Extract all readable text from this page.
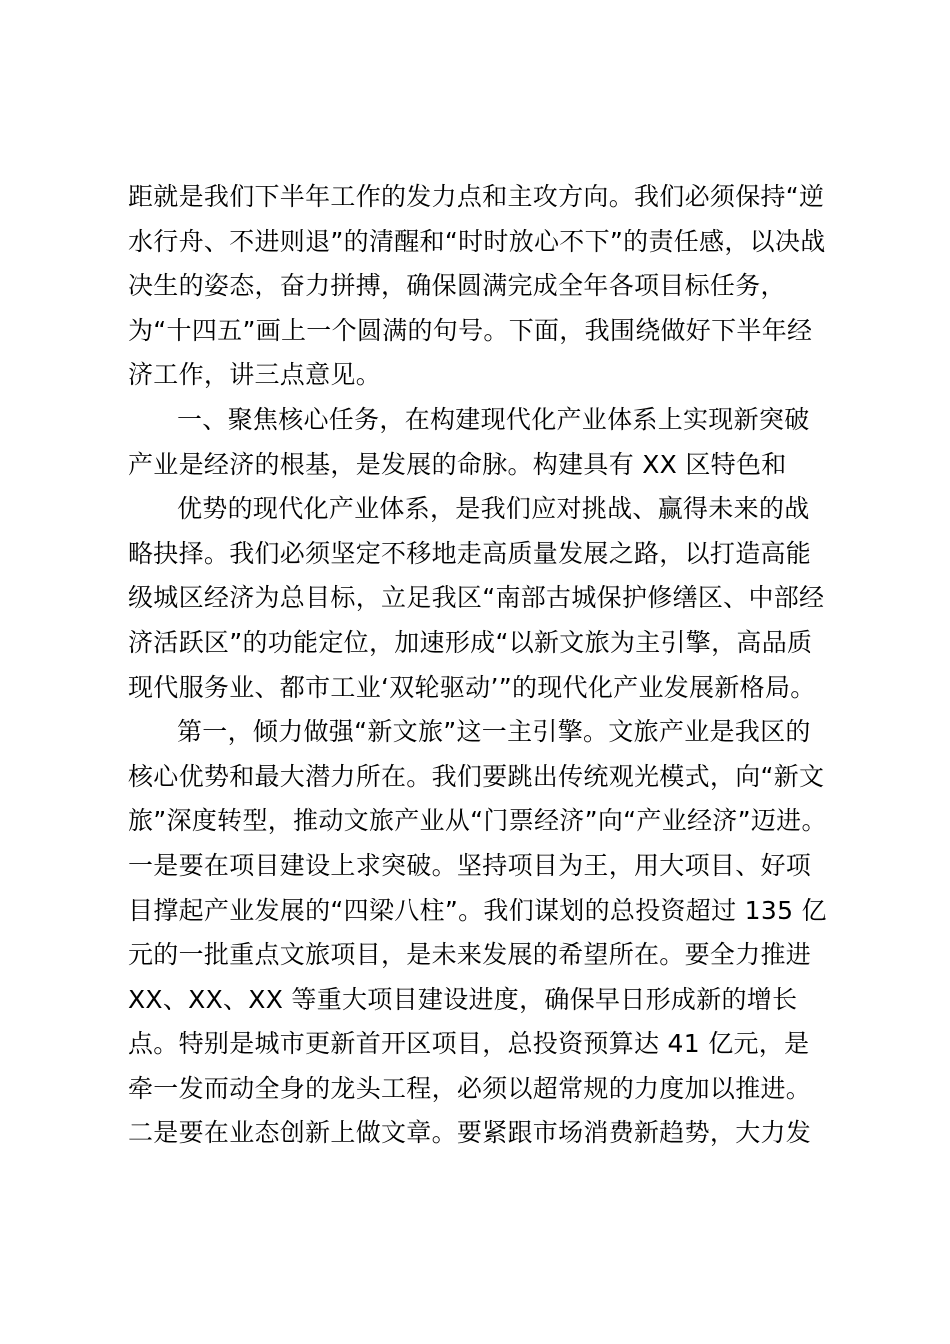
距就是我们下半年工作的发力点和主攻方向。我们必须保持“逆
水行舟、不进则退”的清醒和“时时放心不下”的责任感，以决战
决生的姿态，奋力拼搏，确保圆满完成全年各项目标任务，
为“十四五”画上一个圆满的句号。下面，我围绕做好下半年经
济工作，讲三点意见。
一、聚焦核心任务，在构建现代化产业体系上实现新突破
产业是经济的根基，是发展的命脉。构建具有 XX 区特色和
优势的现代化产业体系，是我们应对挑战、赢得未来的战
略抉择。我们必须坚定不移地走高质量发展之路，以打造高能
级城区经济为总目标，立足我区“南部古城保护修缮区、中部经
济活跃区”的功能定位，加速形成“以新文旅为主引擎，高品质
现代服务业、都市工业‘双轮驱动’”的现代化产业发展新格局。
第一，倾力做强“新文旅”这一主引擎。文旅产业是我区的
核心优势和最大潜力所在。我们要跳出传统观光模式，向“新文
旅”深度转型，推动文旅产业从“门票经济”向“产业经济”迈进。
一是要在项目建设上求突破。坚持项目为王，用大项目、好项
目撑起产业发展的“四梁八柱”。我们谋划的总投资超过 135 亿
元的一批重点文旅项目，是未来发展的希望所在。要全力推进
XX、XX、XX 等重大项目建设进度，确保早日形成新的增长
点。特别是城市更新首开区项目，总投资预算达 41 亿元，是
牵一发而动全身的龙头工程，必须以超常规的力度加以推进。
二是要在业态创新上做文章。要紧跟市场消费新趋势，大力发
